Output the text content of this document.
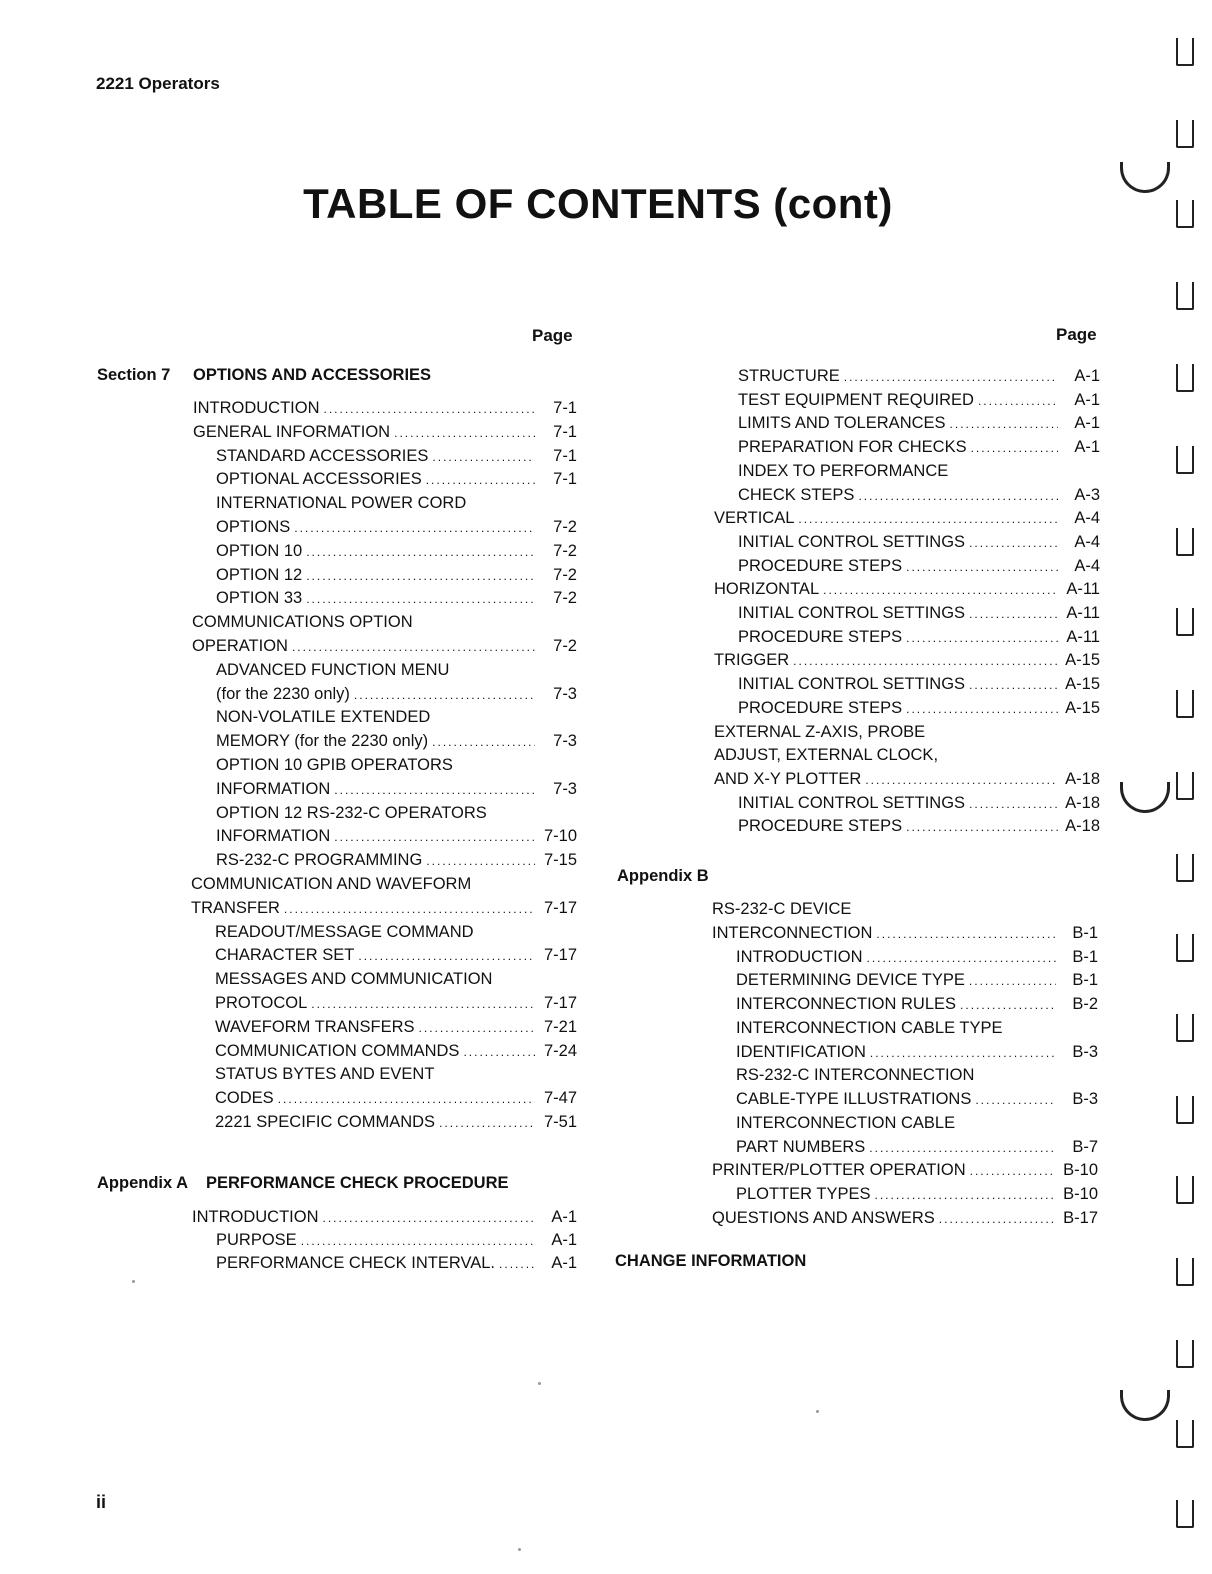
2221 Operators
TABLE OF CONTENTS (cont)
Page	Page
Section 7 OPTIONS AND ACCESSORIES
INTRODUCTION .....	7-1
GENERAL INFORMATION .....	7-1
STANDARD ACCESSORIES .....	7-1
OPTIONAL ACCESSORIES .....	7-1
INTERNATIONAL POWER CORD
OPTIONS .....	7-2
OPTION 10 .....	7-2
OPTION 12 .....	7-2
OPTION 33 .....	7-2
COMMUNICATIONS OPTION
OPERATION .....	7-2
ADVANCED FUNCTION MENU
(for the 2230 only) .....	7-3
NON-VOLATILE EXTENDED
MEMORY (for the 2230 only) .....	7-3
OPTION 10 GPIB OPERATORS
INFORMATION .....	7-3
OPTION 12 RS-232-C OPERATORS
INFORMATION .....	7-10
RS-232-C PROGRAMMING .....	7-15
COMMUNICATION AND WAVEFORM
TRANSFER .....	7-17
READOUT/MESSAGE COMMAND
CHARACTER SET .....	7-17
MESSAGES AND COMMUNICATION
PROTOCOL .....	7-17
WAVEFORM TRANSFERS .....	7-21
COMMUNICATION COMMANDS .....	7-24
STATUS BYTES AND EVENT
CODES .....	7-47
2221 SPECIFIC COMMANDS .....	7-51
Appendix A PERFORMANCE CHECK PROCEDURE
INTRODUCTION .....	A-1
PURPOSE .....	A-1
PERFORMANCE CHECK INTERVAL. .....	A-1
STRUCTURE .....	A-1
TEST EQUIPMENT REQUIRED .....	A-1
LIMITS AND TOLERANCES .....	A-1
PREPARATION FOR CHECKS .....	A-1
INDEX TO PERFORMANCE
CHECK STEPS .....	A-3
VERTICAL .....	A-4
INITIAL CONTROL SETTINGS .....	A-4
PROCEDURE STEPS .....	A-4
HORIZONTAL .....	A-11
INITIAL CONTROL SETTINGS .....	A-11
PROCEDURE STEPS .....	A-11
TRIGGER .....	A-15
INITIAL CONTROL SETTINGS .....	A-15
PROCEDURE STEPS .....	A-15
EXTERNAL Z-AXIS, PROBE
ADJUST, EXTERNAL CLOCK,
AND X-Y PLOTTER .....	A-18
INITIAL CONTROL SETTINGS .....	A-18
PROCEDURE STEPS .....	A-18
Appendix B
RS-232-C DEVICE
INTERCONNECTION .....	B-1
INTRODUCTION .....	B-1
DETERMINING DEVICE TYPE .....	B-1
INTERCONNECTION RULES .....	B-2
INTERCONNECTION CABLE TYPE
IDENTIFICATION .....	B-3
RS-232-C INTERCONNECTION
CABLE-TYPE ILLUSTRATIONS .....	B-3
INTERCONNECTION CABLE
PART NUMBERS .....	B-7
PRINTER/PLOTTER OPERATION .....	B-10
PLOTTER TYPES .....	B-10
QUESTIONS AND ANSWERS .....	B-17
CHANGE INFORMATION
ii
